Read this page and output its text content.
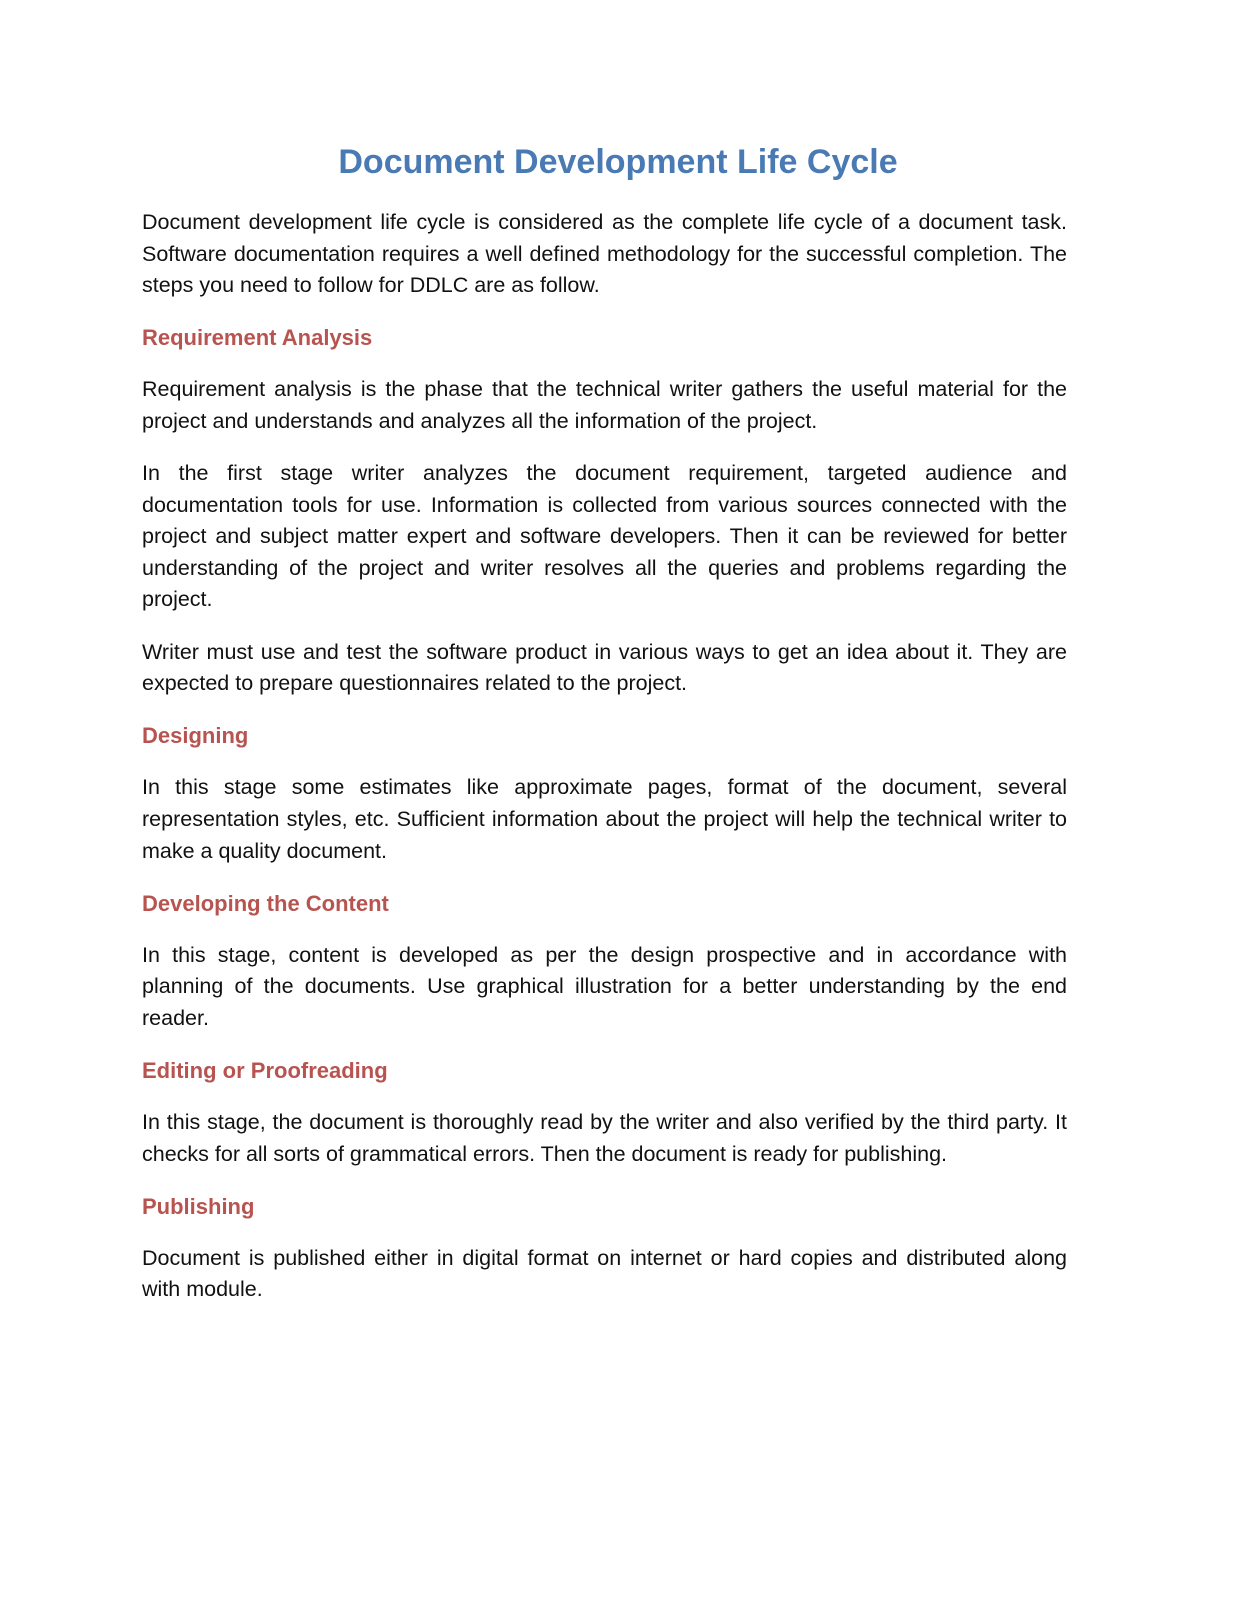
Document Development Life Cycle

Document development life cycle is considered as the complete life cycle of a document task. Software documentation requires a well defined methodology for the successful completion. The steps you need to follow for DDLC are as follow.

Requirement Analysis

Requirement analysis is the phase that the technical writer gathers the useful material for the project and understands and analyzes all the information of the project.

In the first stage writer analyzes the document requirement, targeted audience and documentation tools for use. Information is collected from various sources connected with the project and subject matter expert and software developers. Then it can be reviewed for better understanding of the project and writer resolves all the queries and problems regarding the project.

Writer must use and test the software product in various ways to get an idea about it. They are expected to prepare questionnaires related to the project.

Designing

In this stage some estimates like approximate pages, format of the document, several representation styles, etc. Sufficient information about the project will help the technical writer to make a quality document.

Developing the Content

In this stage, content is developed as per the design prospective and in accordance with planning of the documents. Use graphical illustration for a better understanding by the end reader.

Editing or Proofreading

In this stage, the document is thoroughly read by the writer and also verified by the third party. It checks for all sorts of grammatical errors. Then the document is ready for publishing.

Publishing

Document is published either in digital format on internet or hard copies and distributed along with module.
